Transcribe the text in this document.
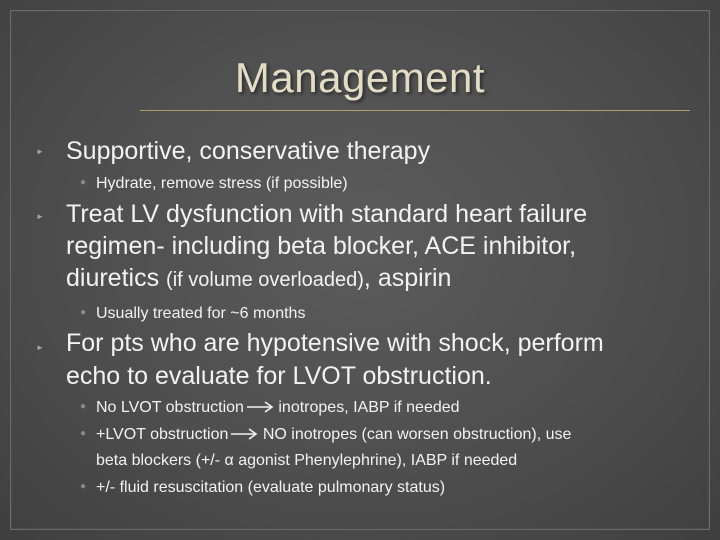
Management
► Supportive, conservative therapy
● Hydrate, remove stress (if possible)
► Treat LV dysfunction with standard heart failure
regimen- including beta blocker, ACE inhibitor,
diuretics (if volume overloaded), aspirin
● Usually treated for ~6 months
► For pts who are hypotensive with shock, perform
echo to evaluate for LVOT obstruction.
● No LVOT obstruction inotropes, IABP if needed
● +LVOT obstruction NO inotropes (can worsen obstruction), use
beta blockers (+/- α agonist Phenylephrine), IABP if needed
● +/- fluid resuscitation (evaluate pulmonary status)
